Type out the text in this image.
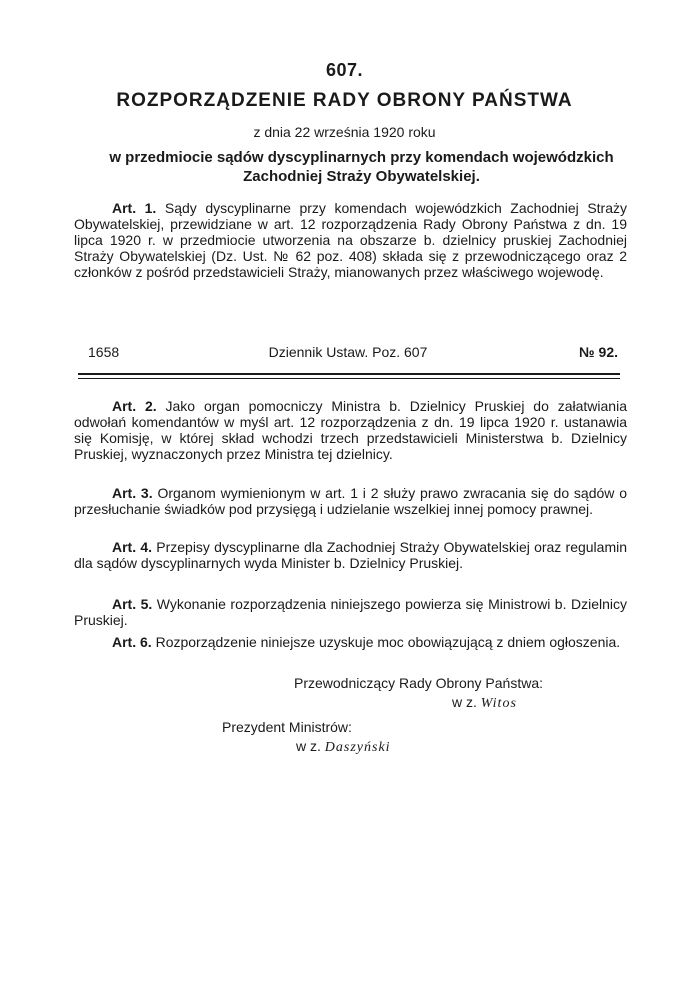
607.
ROZPORZĄDZENIE RADY OBRONY PAŃSTWA
z dnia 22 września 1920 roku
w przedmiocie sądów dyscyplinarnych przy komendach wojewódzkich Zachodniej Straży Obywatelskiej.
Art. 1. Sądy dyscyplinarne przy komendach wojewódzkich Zachodniej Straży Obywatelskiej, przewidziane w art. 12 rozporządzenia Rady Obrony Państwa z dn. 19 lipca 1920 r. w przedmiocie utworzenia na obszarze b. dzielnicy pruskiej Zachodniej Straży Obywatelskiej (Dz. Ust. № 62 poz. 408) składa się z przewodniczącego oraz 2 członków z pośród przedstawicieli Straży, mianowanych przez właściwego wojewodę.
1658	Dziennik Ustaw. Poz. 607	№ 92.
Art. 2. Jako organ pomocniczy Ministra b. Dzielnicy Pruskiej do załatwiania odwołań komendantów w myśl art. 12 rozporządzenia z dn. 19 lipca 1920 r. ustanawia się Komisję, w której skład wchodzi trzech przedstawicieli Ministerstwa b. Dzielnicy Pruskiej, wyznaczonych przez Ministra tej dzielnicy.
Art. 3. Organom wymienionym w art. 1 i 2 służy prawo zwracania się do sądów o przesłuchanie świadków pod przysięgą i udzielanie wszelkiej innej pomocy prawnej.
Art. 4. Przepisy dyscyplinarne dla Zachodniej Straży Obywatelskiej oraz regulamin dla sądów dyscyplinarnych wyda Minister b. Dzielnicy Pruskiej.
Art. 5. Wykonanie rozporządzenia niniejszego powierza się Ministrowi b. Dzielnicy Pruskiej.
Art. 6. Rozporządzenie niniejsze uzyskuje moc obowiązującą z dniem ogłoszenia.
Przewodniczący Rady Obrony Państwa:
w z. Witos
Prezydent Ministrów:
w z. Daszyński
